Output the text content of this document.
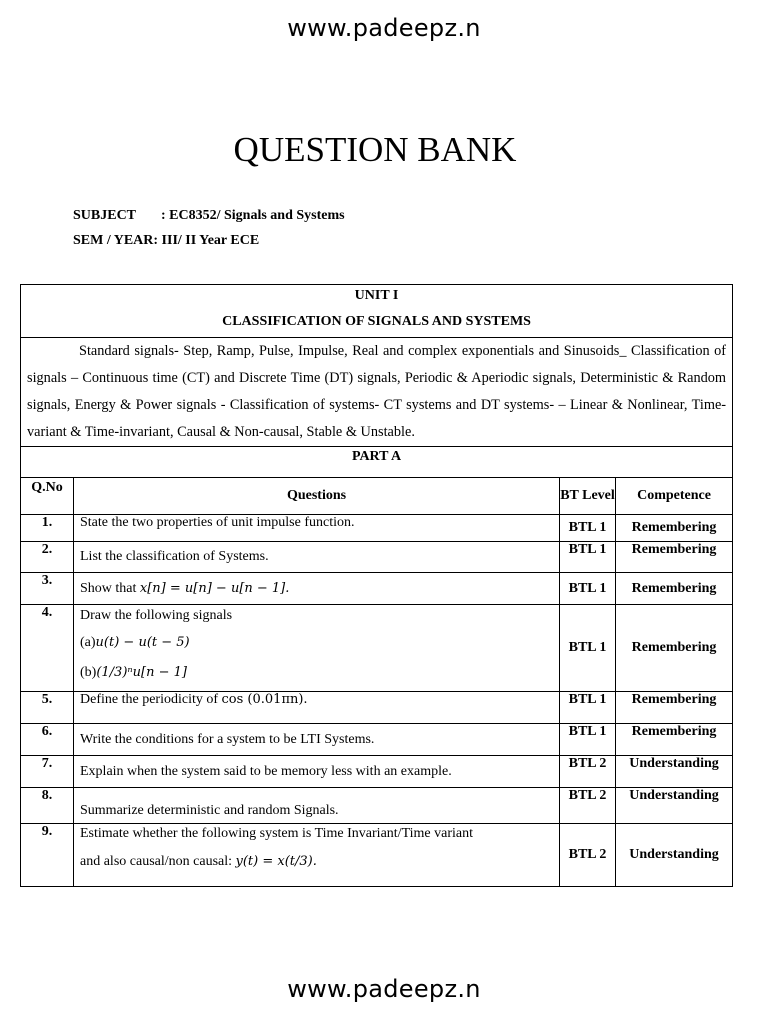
www.padeepz.n
QUESTION BANK
SUBJECT : EC8352/ Signals and Systems
SEM / YEAR: III/ II Year ECE
UNIT I
CLASSIFICATION OF SIGNALS AND SYSTEMS			

Standard signals- Step, Ramp, Pulse, Impulse, Real and complex exponentials and Sinusoids_ Classification of signals – Continuous time (CT) and Discrete Time (DT) signals, Periodic & Aperiodic signals, Deterministic & Random signals, Energy & Power signals - Classification of systems- CT systems and DT systems- – Linear & Nonlinear, Time-variant & Time-invariant, Causal & Non-causal, Stable & Unstable.			
PART A			
Q.No	Questions	BT Level	Competence
1.	State the two properties of unit impulse function.	BTL 1	Remembering
2.	List the classification of Systems.	BTL 1	Remembering
3.	Show that x[n] = u[n] − u[n − 1].	BTL 1	Remembering
4.	Draw the following signals
(a)u(t) − u(t − 5)
(b)(1/3)ⁿu[n − 1]	BTL 1	Remembering
5.	Define the periodicity of cos (0.01πn).	BTL 1	Remembering
6.	Write the conditions for a system to be LTI Systems.	BTL 1	Remembering
7.	Explain when the system said to be memory less with an example.	BTL 2	Understanding
8.	Summarize deterministic and random Signals.	BTL 2	Understanding
9.	Estimate whether the following system is Time Invariant/Time variant
and also causal/non causal: y(t) = x(t/3).	BTL 2	Understanding
www.padeepz.n
